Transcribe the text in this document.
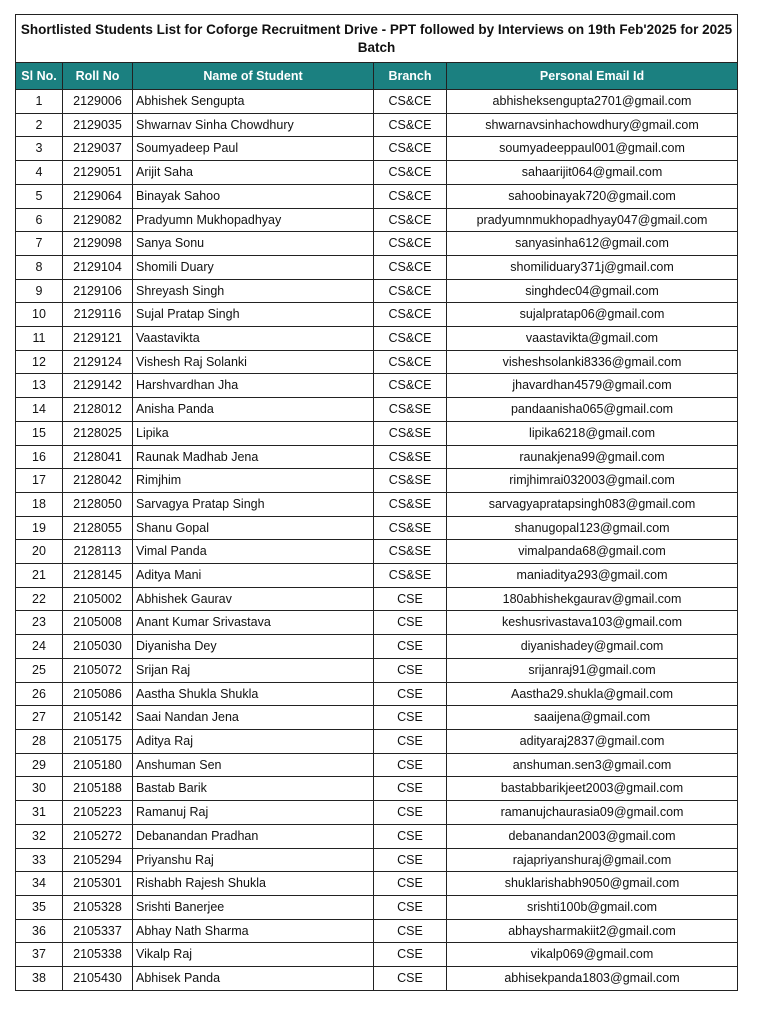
Shortlisted Students List for Coforge Recruitment Drive - PPT followed by Interviews on 19th Feb'2025 for 2025 Batch				
Sl No.	Roll No	Name of Student	Branch	Personal Email Id
1	2129006	Abhishek Sengupta	CS&CE	abhisheksengupta2701@gmail.com
2	2129035	Shwarnav Sinha Chowdhury	CS&CE	shwarnavsinhachowdhury@gmail.com
3	2129037	Soumyadeep Paul	CS&CE	soumyadeeppaul001@gmail.com
4	2129051	Arijit Saha	CS&CE	sahaarijit064@gmail.com
5	2129064	Binayak Sahoo	CS&CE	sahoobinayak720@gmail.com
6	2129082	Pradyumn Mukhopadhyay	CS&CE	pradyumnmukhopadhyay047@gmail.com
7	2129098	Sanya Sonu	CS&CE	sanyasinha612@gmail.com
8	2129104	Shomili Duary	CS&CE	shomiliduary371j@gmail.com
9	2129106	Shreyash Singh	CS&CE	singhdec04@gmail.com
10	2129116	Sujal Pratap Singh	CS&CE	sujalpratap06@gmail.com
11	2129121	Vaastavikta	CS&CE	vaastavikta@gmail.com
12	2129124	Vishesh Raj Solanki	CS&CE	visheshsolanki8336@gmail.com
13	2129142	Harshvardhan Jha	CS&CE	jhavardhan4579@gmail.com
14	2128012	Anisha Panda	CS&SE	pandaanisha065@gmail.com
15	2128025	Lipika	CS&SE	lipika6218@gmail.com
16	2128041	Raunak Madhab Jena	CS&SE	raunakjena99@gmail.com
17	2128042	Rimjhim	CS&SE	rimjhimrai032003@gmail.com
18	2128050	Sarvagya Pratap Singh	CS&SE	sarvagyapratapsingh083@gmail.com
19	2128055	Shanu Gopal	CS&SE	shanugopal123@gmail.com
20	2128113	Vimal Panda	CS&SE	vimalpanda68@gmail.com
21	2128145	Aditya Mani	CS&SE	maniaditya293@gmail.com
22	2105002	Abhishek Gaurav	CSE	180abhishekgaurav@gmail.com
23	2105008	Anant Kumar Srivastava	CSE	keshusrivastava103@gmail.com
24	2105030	Diyanisha Dey	CSE	diyanishadey@gmail.com
25	2105072	Srijan Raj	CSE	srijanraj91@gmail.com
26	2105086	Aastha Shukla Shukla	CSE	Aastha29.shukla@gmail.com
27	2105142	Saai Nandan Jena	CSE	saaijena@gmail.com
28	2105175	Aditya Raj	CSE	adityaraj2837@gmail.com
29	2105180	Anshuman Sen	CSE	anshuman.sen3@gmail.com
30	2105188	Bastab Barik	CSE	bastabbarikjeet2003@gmail.com
31	2105223	Ramanuj Raj	CSE	ramanujchaurasia09@gmail.com
32	2105272	Debanandan Pradhan	CSE	debanandan2003@gmail.com
33	2105294	Priyanshu Raj	CSE	rajapriyanshuraj@gmail.com
34	2105301	Rishabh Rajesh Shukla	CSE	shuklarishabh9050@gmail.com
35	2105328	Srishti Banerjee	CSE	srishti100b@gmail.com
36	2105337	Abhay Nath Sharma	CSE	abhaysharmakiit2@gmail.com
37	2105338	Vikalp Raj	CSE	vikalp069@gmail.com
38	2105430	Abhisek Panda	CSE	abhisekpanda1803@gmail.com
